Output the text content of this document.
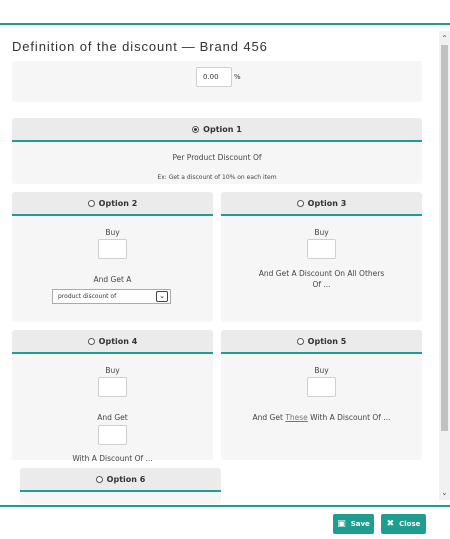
Definition of the discount — Brand 456
⌃
⌄
0.00	%
Option 1
Per Product Discount Of
Ex: Get a discount of 10% on each item
Option 2
Buy
And Get A
product discount of	⌄
Option 3
Buy
And Get A Discount On All Others
Of ...
Option 4
Buy
And Get
With A Discount Of ...
Option 5
Buy
And Get These With A Discount Of ...
Option 6
▣ Save ✖ Close
